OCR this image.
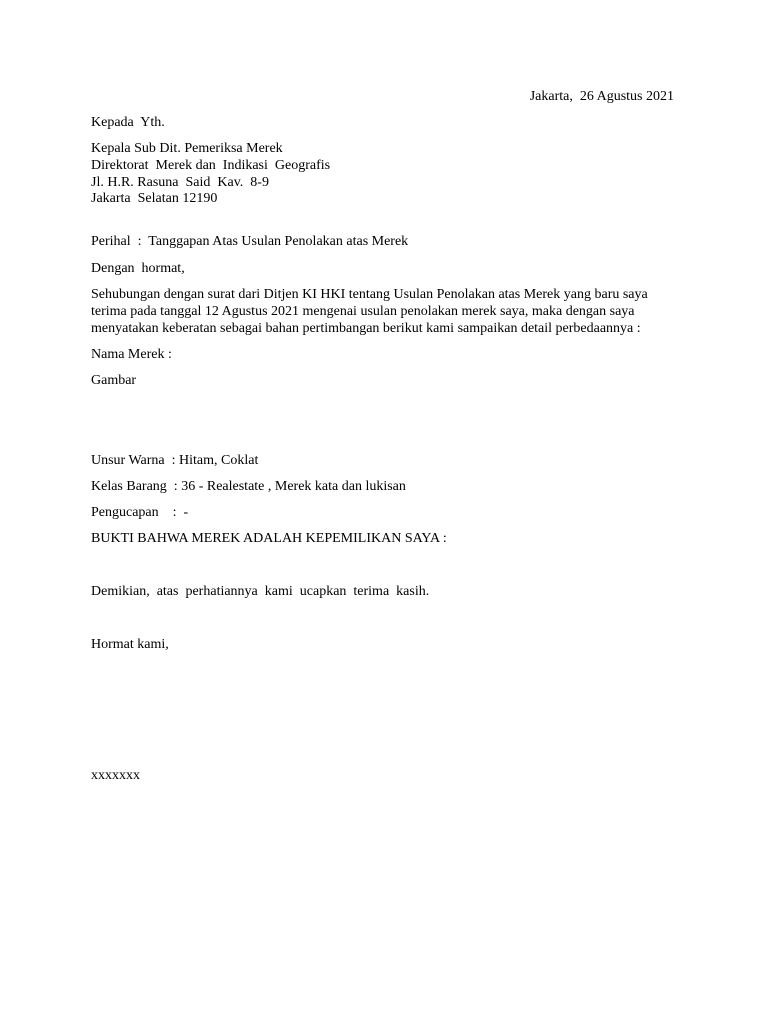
Jakarta,  26 Agustus 2021
Kepada  Yth.
Kepala Sub Dit. Pemeriksa Merek
Direktorat  Merek dan  Indikasi  Geografis
Jl. H.R. Rasuna  Said  Kav.  8-9
Jakarta  Selatan 12190
Perihal  :  Tanggapan Atas Usulan Penolakan atas Merek
Dengan  hormat,
Sehubungan dengan surat dari Ditjen KI HKI tentang Usulan Penolakan atas Merek yang baru saya
terima pada tanggal 12 Agustus 2021 mengenai usulan penolakan merek saya, maka dengan saya
menyatakan keberatan sebagai bahan pertimbangan berikut kami sampaikan detail perbedaannya :
Nama Merek :
Gambar
Unsur Warna  : Hitam, Coklat
Kelas Barang  : 36 - Realestate , Merek kata dan lukisan
Pengucapan    :  -
BUKTI BAHWA MEREK ADALAH KEPEMILIKAN SAYA :
Demikian,  atas  perhatiannya  kami  ucapkan  terima  kasih.
Hormat kami,
xxxxxxx
